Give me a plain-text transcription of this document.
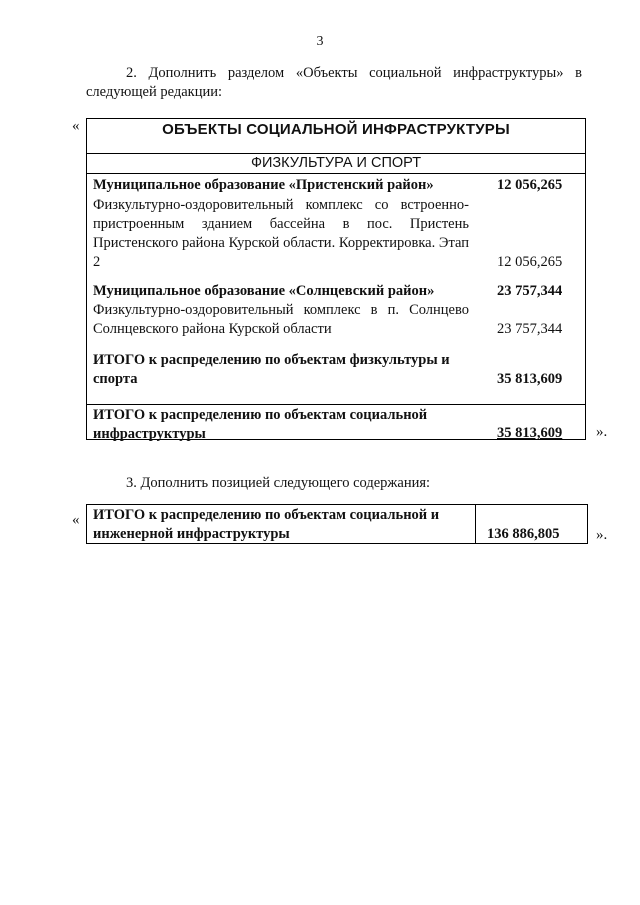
3
2. Дополнить разделом «Объекты социальной инфраструктуры» в следующей редакции:
«	ОБЪЕКТЫ СОЦИАЛЬНОЙ ИНФРАСТРУКТУРЫ
ФИЗКУЛЬТУРА И СПОРТ
Муниципальное образование «Пристенский район»	12 056,265
Физкультурно-оздоровительный комплекс со встроенно-пристроенным зданием бассейна в пос. Пристень Пристенского района Курской области. Корректировка. Этап 2	12 056,265
Муниципальное образование «Солнцевский район»	23 757,344
Физкультурно-оздоровительный комплекс в п. Солнцево Солнцевского района Курской области	23 757,344
ИТОГО к распределению по объектам физкультуры и спорта	35 813,609
ИТОГО к распределению по объектам социальной инфраструктуры	35 813,609	».
3. Дополнить позицией следующего содержания:
« ИТОГО к распределению по объектам социальной и инженерной инфраструктуры	136 886,805	».
